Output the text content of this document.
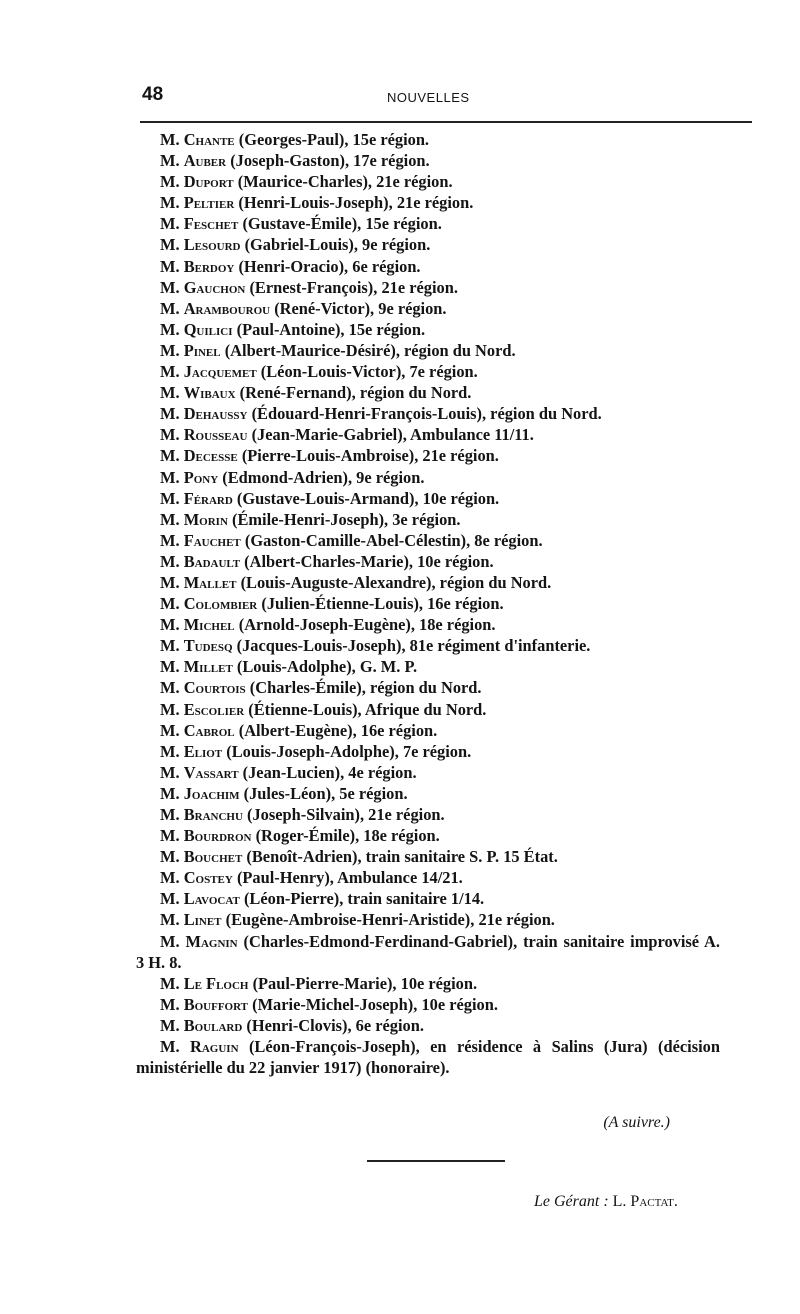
48	NOUVELLES
M. Chante (Georges-Paul), 15e région.
M. Auber (Joseph-Gaston), 17e région.
M. Duport (Maurice-Charles), 21e région.
M. Peltier (Henri-Louis-Joseph), 21e région.
M. Feschet (Gustave-Émile), 15e région.
M. Lesourd (Gabriel-Louis), 9e région.
M. Berdoy (Henri-Oracio), 6e région.
M. Gauchon (Ernest-François), 21e région.
M. Arambourou (René-Victor), 9e région.
M. Quilici (Paul-Antoine), 15e région.
M. Pinel (Albert-Maurice-Désiré), région du Nord.
M. Jacquemet (Léon-Louis-Victor), 7e région.
M. Wibaux (René-Fernand), région du Nord.
M. Dehaussy (Édouard-Henri-François-Louis), région du Nord.
M. Rousseau (Jean-Marie-Gabriel), Ambulance 11/11.
M. Decesse (Pierre-Louis-Ambroise), 21e région.
M. Pony (Edmond-Adrien), 9e région.
M. Férard (Gustave-Louis-Armand), 10e région.
M. Morin (Émile-Henri-Joseph), 3e région.
M. Fauchet (Gaston-Camille-Abel-Célestin), 8e région.
M. Badault (Albert-Charles-Marie), 10e région.
M. Mallet (Louis-Auguste-Alexandre), région du Nord.
M. Colombier (Julien-Étienne-Louis), 16e région.
M. Michel (Arnold-Joseph-Eugène), 18e région.
M. Tudesq (Jacques-Louis-Joseph), 81e régiment d'infanterie.
M. Millet (Louis-Adolphe), G. M. P.
M. Courtois (Charles-Émile), région du Nord.
M. Escolier (Étienne-Louis), Afrique du Nord.
M. Cabrol (Albert-Eugène), 16e région.
M. Eliot (Louis-Joseph-Adolphe), 7e région.
M. Vassart (Jean-Lucien), 4e région.
M. Joachim (Jules-Léon), 5e région.
M. Branchu (Joseph-Silvain), 21e région.
M. Bourdron (Roger-Émile), 18e région.
M. Bouchet (Benoît-Adrien), train sanitaire S. P. 15 État.
M. Costey (Paul-Henry), Ambulance 14/21.
M. Lavocat (Léon-Pierre), train sanitaire 1/14.
M. Linet (Eugène-Ambroise-Henri-Aristide), 21e région.
M. Magnin (Charles-Edmond-Ferdinand-Gabriel), train sanitaire improvisé A. 3 H. 8.
M. Le Floch (Paul-Pierre-Marie), 10e région.
M. Bouffort (Marie-Michel-Joseph), 10e région.
M. Boulard (Henri-Clovis), 6e région.
M. Raguin (Léon-François-Joseph), en résidence à Salins (Jura) (décision ministérielle du 22 janvier 1917) (honoraire).
(A suivre.)
Le Gérant : L. Pactat.
